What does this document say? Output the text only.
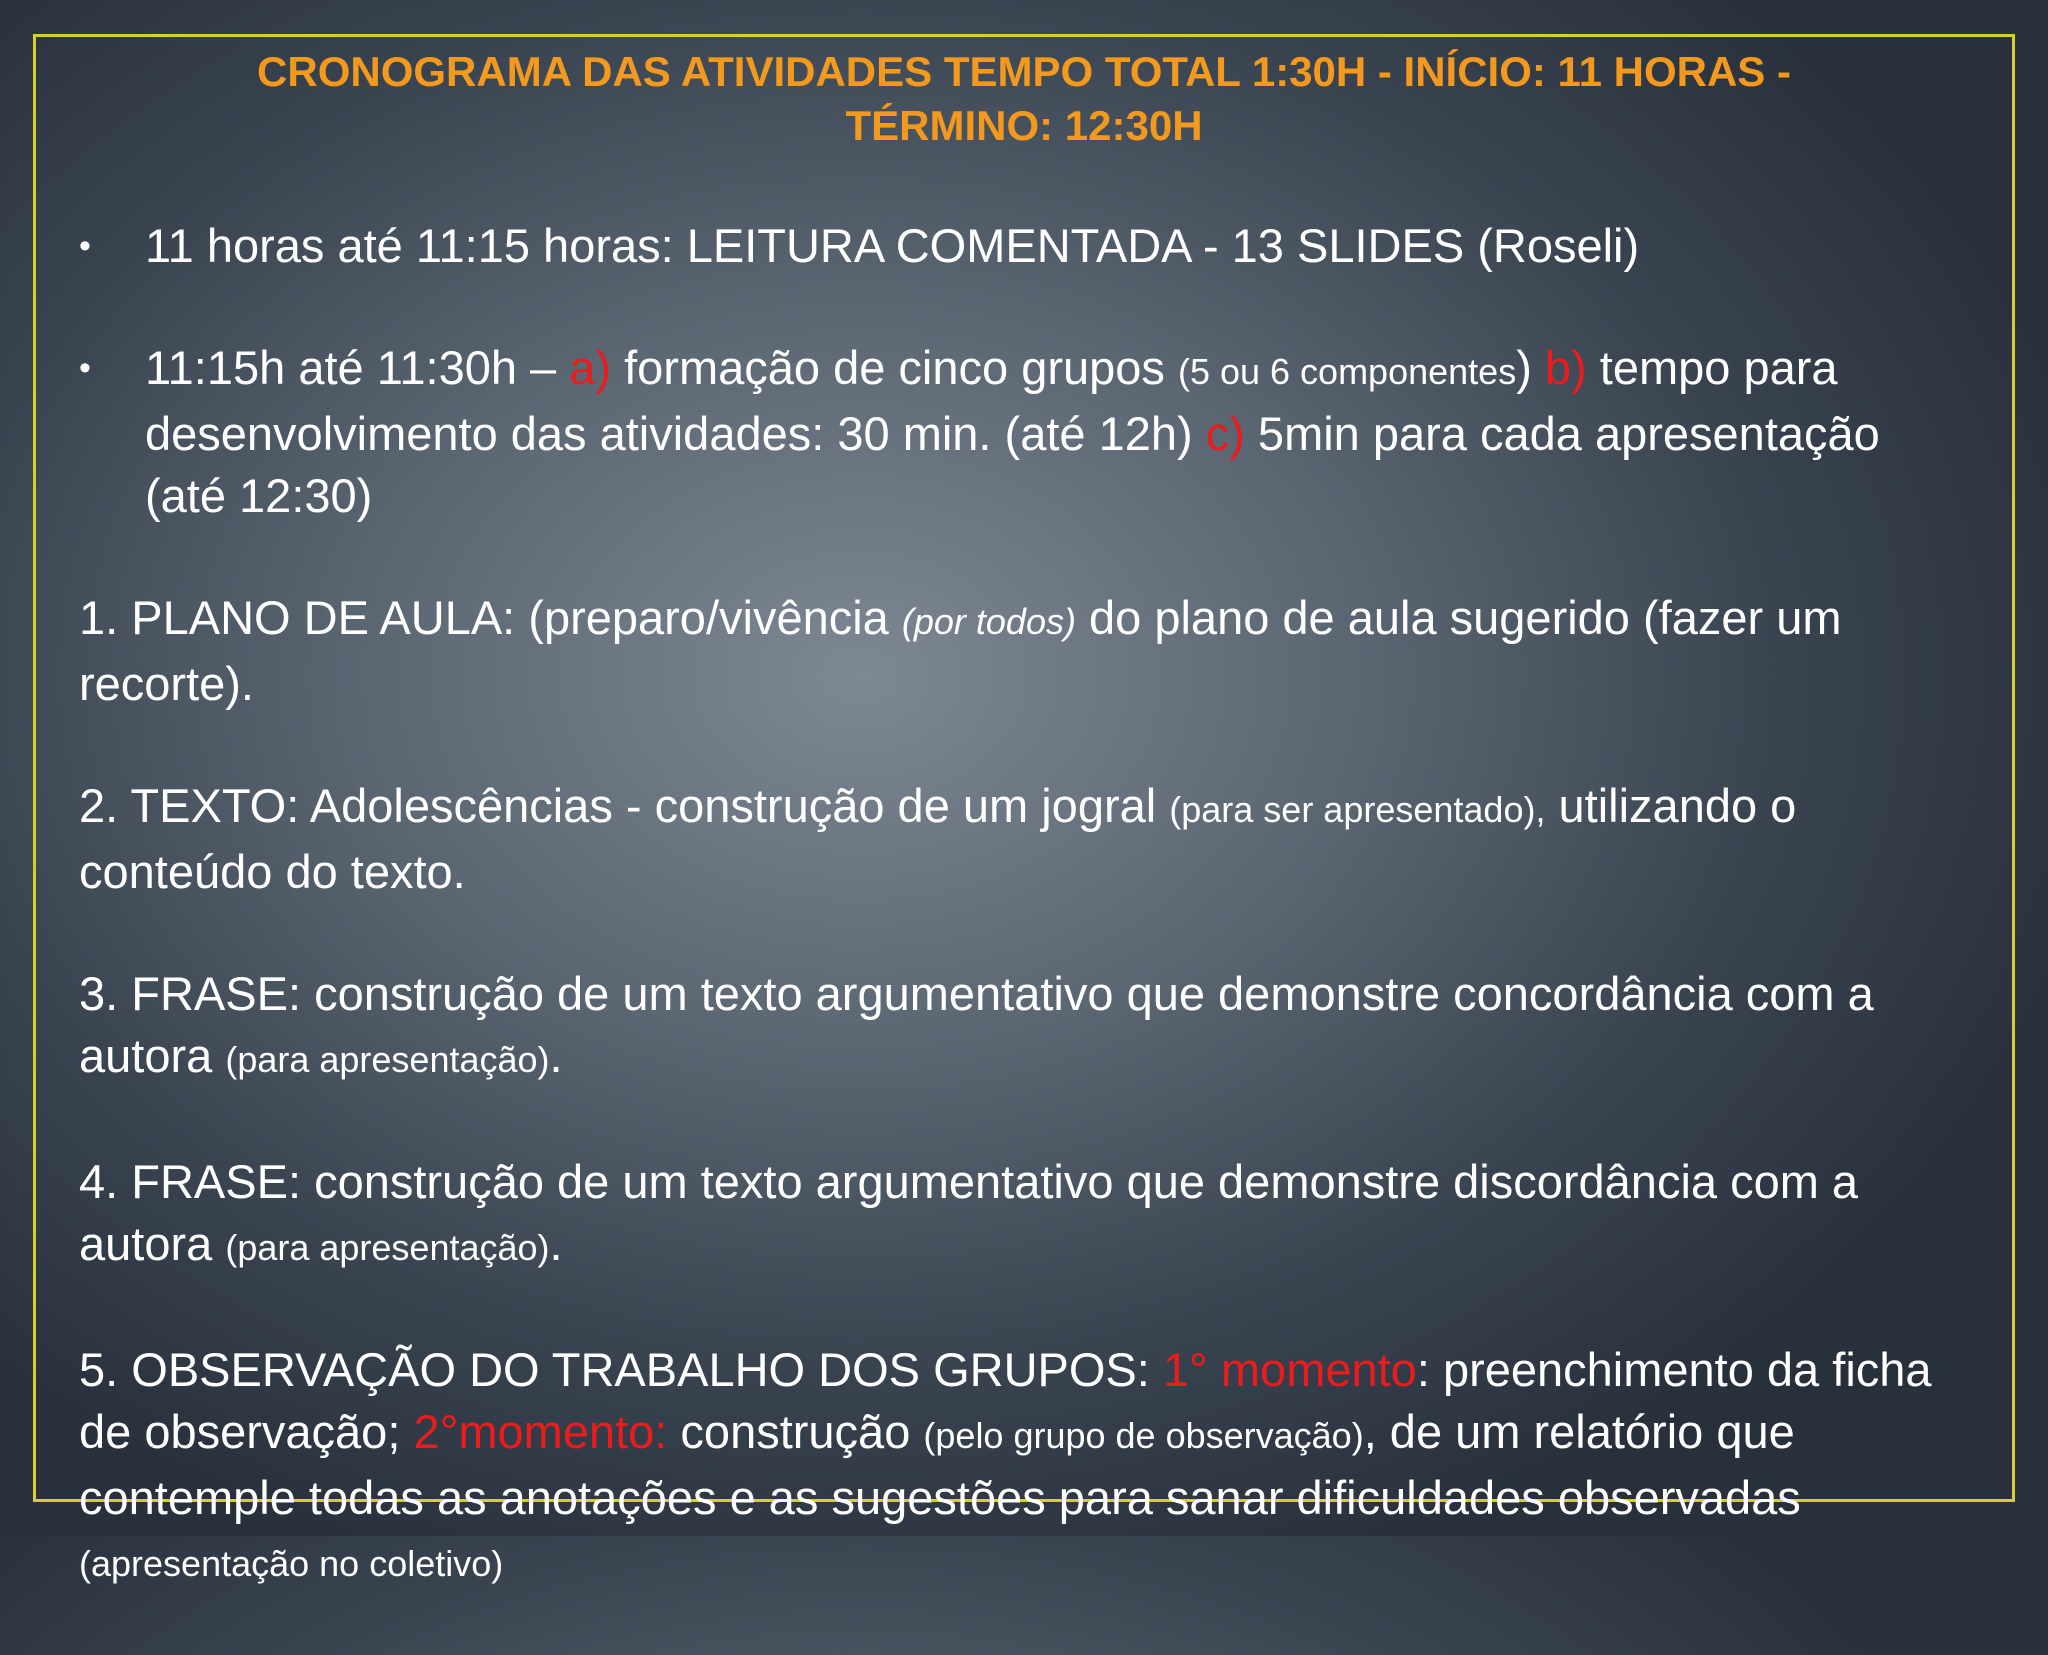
CRONOGRAMA DAS ATIVIDADES TEMPO TOTAL 1:30H - INÍCIO: 11 HORAS -
TÉRMINO: 12:30H
• 11 horas até 11:15 horas: LEITURA COMENTADA - 13 SLIDES (Roseli)
• 11:15h até 11:30h – a) formação de cinco grupos (5 ou 6 componentes) b) tempo para desenvolvimento das atividades: 30 min. (até 12h) c) 5min para cada apresentação (até 12:30)

1. PLANO DE AULA: (preparo/vivência (por todos) do plano de aula sugerido (fazer um recorte).

2. TEXTO: Adolescências - construção de um jogral (para ser apresentado), utilizando o conteúdo do texto.

3. FRASE: construção de um texto argumentativo que demonstre concordância com a autora (para apresentação).

4. FRASE: construção de um texto argumentativo que demonstre discordância com a autora (para apresentação).

5. OBSERVAÇÃO DO TRABALHO DOS GRUPOS: 1° momento: preenchimento da ficha de observação; 2°momento: construção (pelo grupo de observação), de um relatório que contemple todas as anotações e as sugestões para sanar dificuldades observadas (apresentação no coletivo)
